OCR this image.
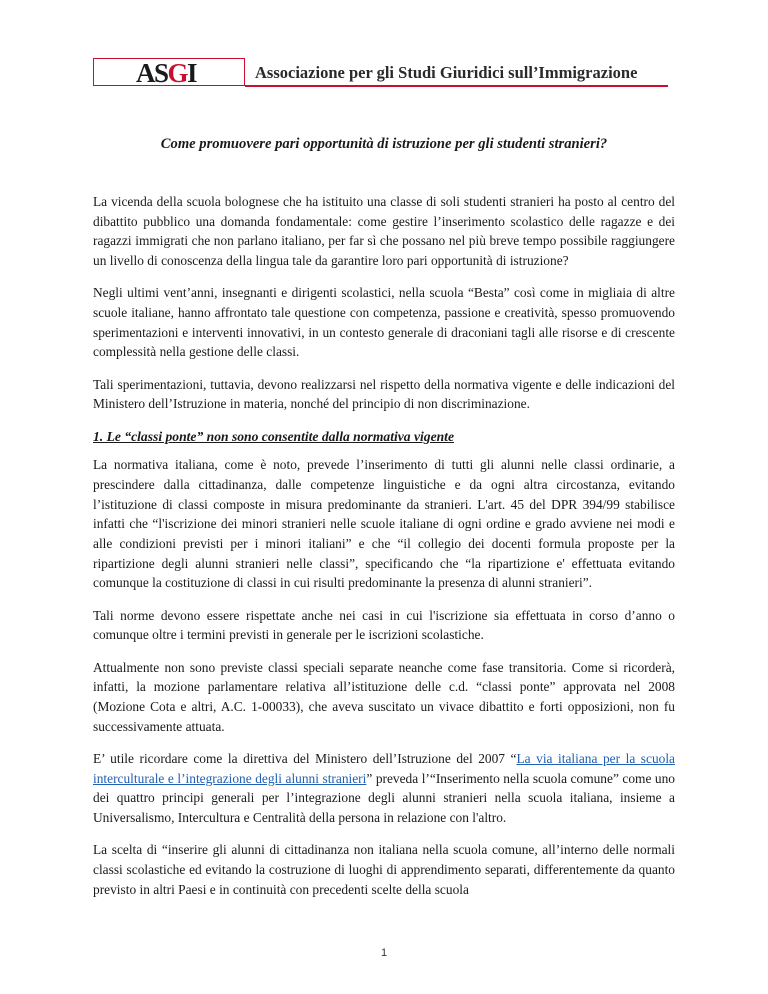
ASGI	Associazione per gli Studi Giuridici sull’Immigrazione
Come promuovere pari opportunità di istruzione per gli studenti stranieri?

La vicenda della scuola bolognese che ha istituito una classe di soli studenti stranieri ha posto al centro del dibattito pubblico una domanda fondamentale: come gestire l’inserimento scolastico delle ragazze e dei ragazzi immigrati che non parlano italiano, per far sì che possano nel più breve tempo possibile raggiungere un livello di conoscenza della lingua tale da garantire loro pari opportunità di istruzione?

Negli ultimi vent’anni, insegnanti e dirigenti scolastici, nella scuola “Besta” così come in migliaia di altre scuole italiane, hanno affrontato tale questione con competenza, passione e creatività, spesso promuovendo sperimentazioni e interventi innovativi, in un contesto generale di draconiani tagli alle risorse e di crescente complessità nella gestione delle classi.

Tali sperimentazioni, tuttavia, devono realizzarsi nel rispetto della normativa vigente e delle indicazioni del Ministero dell’Istruzione in materia, nonché del principio di non discriminazione.

1. Le “classi ponte” non sono consentite dalla normativa vigente

La normativa italiana, come è noto, prevede l’inserimento di tutti gli alunni nelle classi ordinarie, a prescindere dalla cittadinanza, dalle competenze linguistiche e da ogni altra circostanza, evitando l’istituzione di classi composte in misura predominante da stranieri. L'art. 45 del DPR 394/99 stabilisce infatti che “l'iscrizione dei minori stranieri nelle scuole italiane di ogni ordine e grado avviene nei modi e alle condizioni previsti per i minori italiani” e che “il collegio dei docenti formula proposte per la ripartizione degli alunni stranieri nelle classi”, specificando che “la ripartizione e' effettuata evitando comunque la costituzione di classi in cui risulti predominante la presenza di alunni stranieri”.

Tali norme devono essere rispettate anche nei casi in cui l'iscrizione sia effettuata in corso d’anno o comunque oltre i termini previsti in generale per le iscrizioni scolastiche.

Attualmente non sono previste classi speciali separate neanche come fase transitoria. Come si ricorderà, infatti, la mozione parlamentare relativa all’istituzione delle c.d. “classi ponte” approvata nel 2008 (Mozione Cota e altri, A.C. 1-00033), che aveva suscitato un vivace dibattito e forti opposizioni, non fu successivamente attuata.

E’ utile ricordare come la direttiva del Ministero dell’Istruzione del 2007 “La via italiana per la scuola interculturale e l’integrazione degli alunni stranieri” preveda l’“Inserimento nella scuola comune” come uno dei quattro principi generali per l’integrazione degli alunni stranieri nella scuola italiana, insieme a Universalismo, Intercultura e Centralità della persona in relazione con l'altro.

La scelta di “inserire gli alunni di cittadinanza non italiana nella scuola comune, all’interno delle normali classi scolastiche ed evitando la costruzione di luoghi di apprendimento separati, differentemente da quanto previsto in altri Paesi e in continuità con precedenti scelte della scuola

1
